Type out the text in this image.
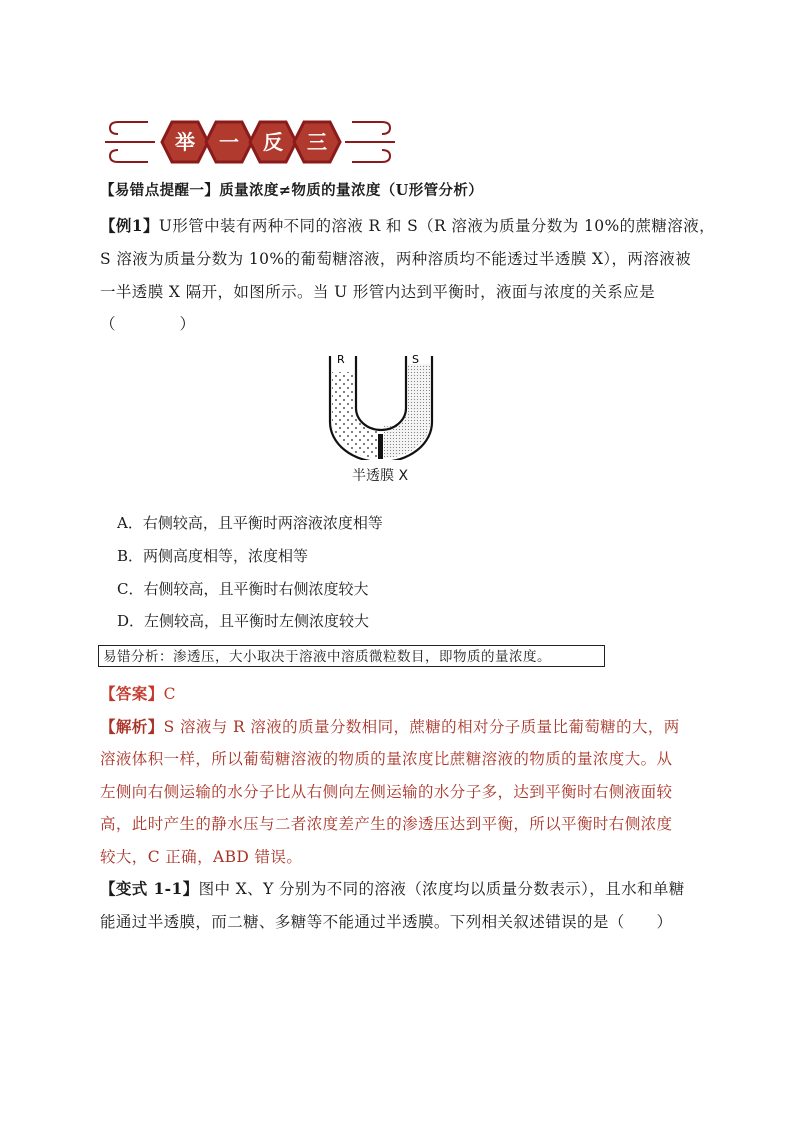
举 一 反 三
【易错点提醒一】质量浓度≠物质的量浓度（U形管分析）
【例1】U形管中装有两种不同的溶液 R 和 S（R 溶液为质量分数为 10%的蔗糖溶液，
S 溶液为质量分数为 10%的葡萄糖溶液，两种溶质均不能透过半透膜 X），两溶液被
一半透膜 X 隔开，如图所示。当 U 形管内达到平衡时，液面与浓度的关系应是
（　　　　）
R	S
半透膜 X
A．右侧较高，且平衡时两溶液浓度相等
B．两侧高度相等，浓度相等
C．右侧较高，且平衡时右侧浓度较大
D．左侧较高，且平衡时左侧浓度较大
易错分析：渗透压，大小取决于溶液中溶质微粒数目，即物质的量浓度。
【答案】C
【解析】S 溶液与 R 溶液的质量分数相同，蔗糖的相对分子质量比葡萄糖的大，两
溶液体积一样，所以葡萄糖溶液的物质的量浓度比蔗糖溶液的物质的量浓度大。从
左侧向右侧运输的水分子比从右侧向左侧运输的水分子多，达到平衡时右侧液面较
高，此时产生的静水压与二者浓度差产生的渗透压达到平衡，所以平衡时右侧浓度
较大，C 正确，ABD 错误。
【变式 1-1】图中 X、Y 分别为不同的溶液（浓度均以质量分数表示），且水和单糖
能通过半透膜，而二糖、多糖等不能通过半透膜。下列相关叙述错误的是（　　）
